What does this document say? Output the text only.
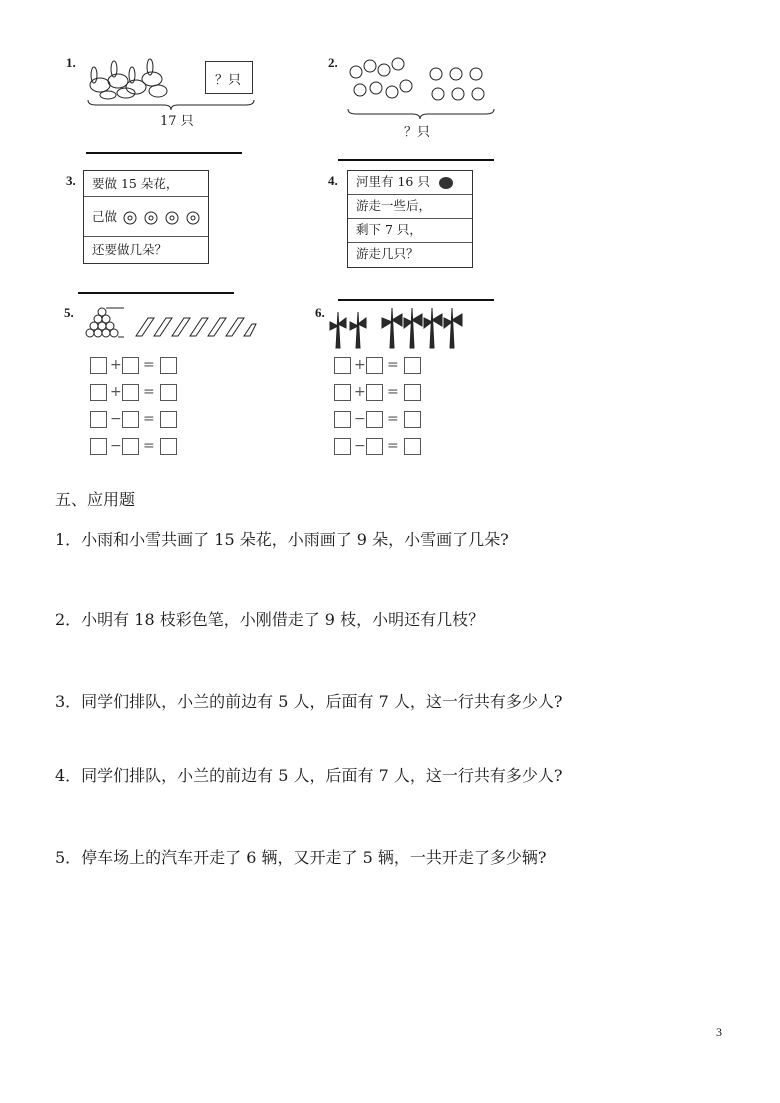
1.
？只
17 只
2.
？只
3.	要做 15 朵花，
己做
还要做几朵？
4.	河里有 16 只
游走一些后，
剩下 7 只，
游走几只？
5.
+ =
+ =
− =
− =
6.
+ =
+ =
− =
− =
五、应用题
1．小雨和小雪共画了 15 朵花，小雨画了 9 朵，小雪画了几朵?
2．小明有 18 枝彩色笔，小刚借走了 9 枝，小明还有几枝？
3．同学们排队，小兰的前边有 5 人，后面有 7 人，这一行共有多少人?
4．同学们排队，小兰的前边有 5 人，后面有 7 人，这一行共有多少人?
5．停车场上的汽车开走了 6 辆，又开走了 5 辆，一共开走了多少辆?
3
